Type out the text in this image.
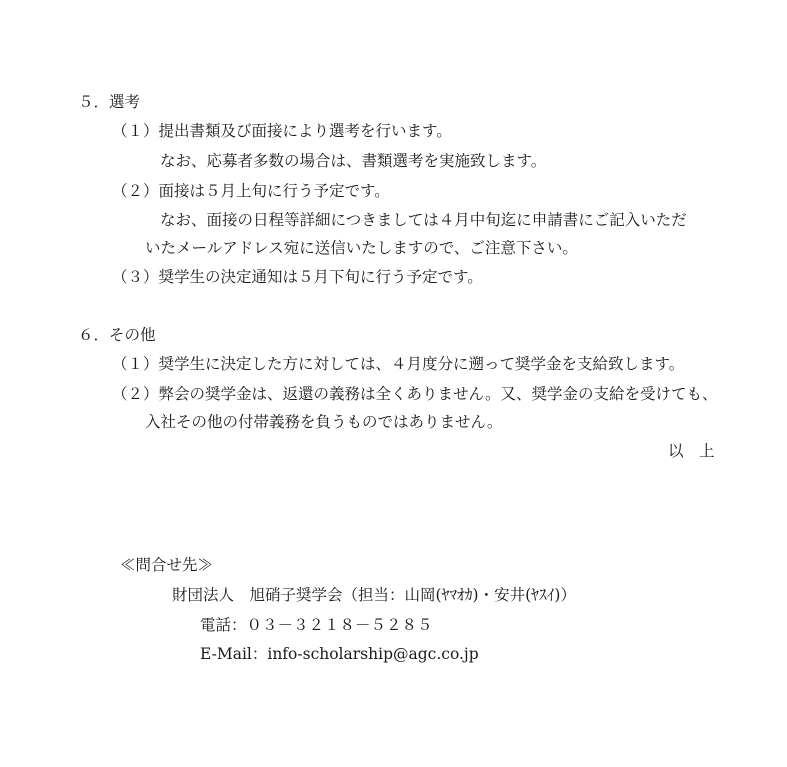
５．選考
（１）提出書類及び面接により選考を行います。
なお、応募者多数の場合は、書類選考を実施致します。
（２）面接は５月上旬に行う予定です。
なお、面接の日程等詳細につきましては４月中旬迄に申請書にご記入いただ
いたメールアドレス宛に送信いたしますので、ご注意下さい。
（３）奨学生の決定通知は５月下旬に行う予定です。
６．その他
（１）奨学生に決定した方に対しては、４月度分に遡って奨学金を支給致します。
（２）弊会の奨学金は、返還の義務は全くありません。又、奨学金の支給を受けても、
入社その他の付帯義務を負うものではありません。
以　上
≪問合せ先≫
財団法人　旭硝子奨学会（担当：山岡(ﾔﾏｵｶ)・安井(ﾔｽｲ)）
電話：０３－３２１８－５２８５
E-Mail：info-scholarship@agc.co.jp
